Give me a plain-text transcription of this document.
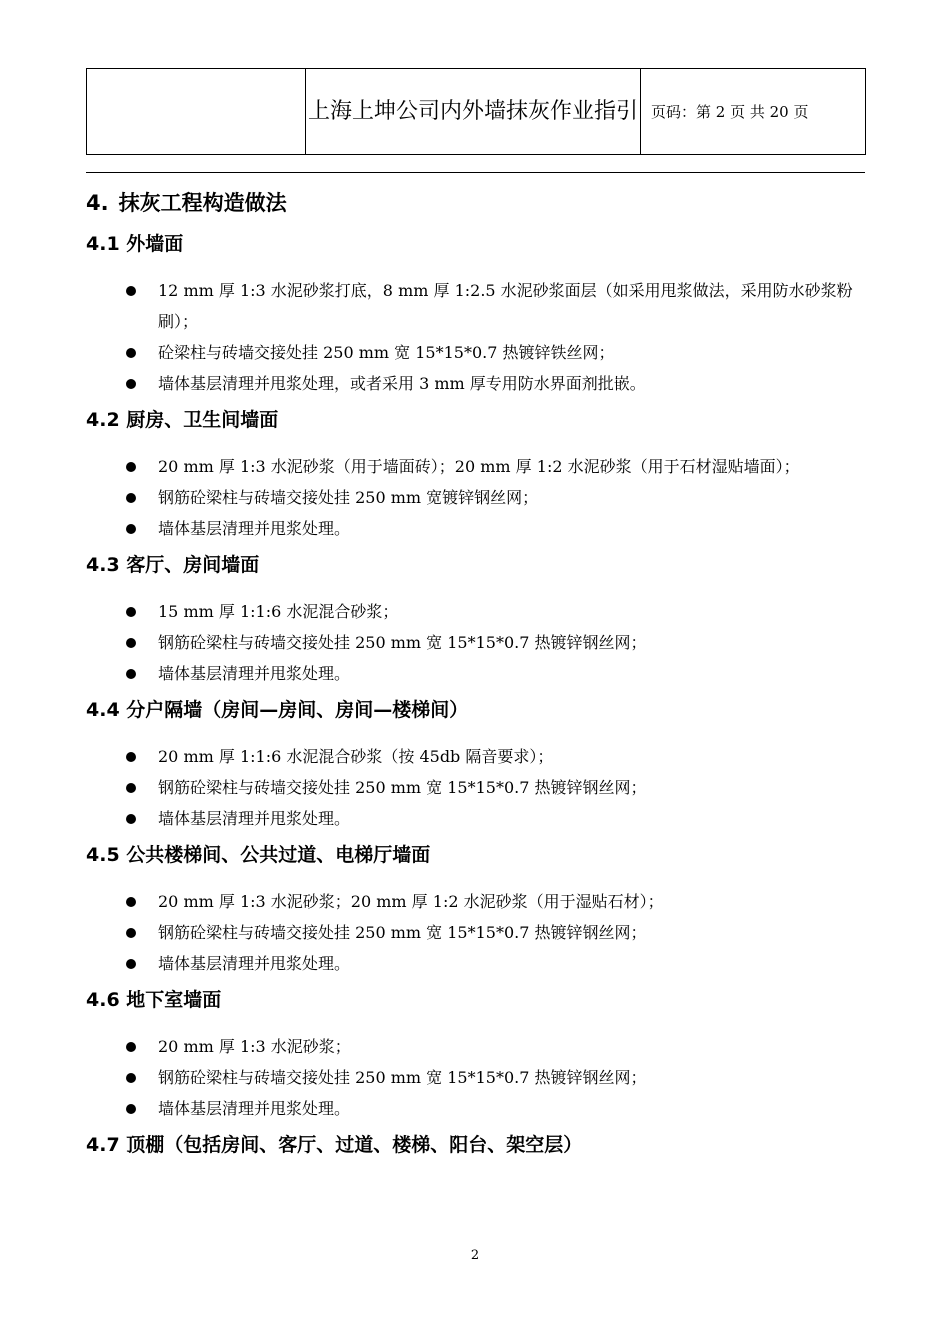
	上海上坤公司内外墙抹灰作业指引	页码：第 2 页 共 20 页
4. 抹灰工程构造做法
4.1 外墙面
12 mm 厚 1:3 水泥砂浆打底，8 mm 厚 1:2.5 水泥砂浆面层（如采用甩浆做法，采用防水砂浆粉刷）；
砼梁柱与砖墙交接处挂 250 mm 宽 15*15*0.7 热镀锌铁丝网；
墙体基层清理并甩浆处理，或者采用 3 mm 厚专用防水界面剂批嵌。
4.2 厨房、卫生间墙面
20 mm 厚 1:3 水泥砂浆（用于墙面砖）；20 mm 厚 1:2 水泥砂浆（用于石材湿贴墙面）；
钢筋砼梁柱与砖墙交接处挂 250 mm 宽镀锌钢丝网；
墙体基层清理并甩浆处理。
4.3 客厅、房间墙面
15 mm 厚 1:1:6 水泥混合砂浆；
钢筋砼梁柱与砖墙交接处挂 250 mm 宽 15*15*0.7 热镀锌钢丝网；
墙体基层清理并甩浆处理。
4.4 分户隔墙（房间—房间、房间—楼梯间）
20 mm 厚 1:1:6 水泥混合砂浆（按 45db 隔音要求）；
钢筋砼梁柱与砖墙交接处挂 250 mm 宽 15*15*0.7 热镀锌钢丝网；
墙体基层清理并甩浆处理。
4.5 公共楼梯间、公共过道、电梯厅墙面
20 mm 厚 1:3 水泥砂浆；20 mm 厚 1:2 水泥砂浆（用于湿贴石材）；
钢筋砼梁柱与砖墙交接处挂 250 mm 宽 15*15*0.7 热镀锌钢丝网；
墙体基层清理并甩浆处理。
4.6 地下室墙面
20 mm 厚 1:3 水泥砂浆；
钢筋砼梁柱与砖墙交接处挂 250 mm 宽 15*15*0.7 热镀锌钢丝网；
墙体基层清理并甩浆处理。
4.7 顶棚（包括房间、客厅、过道、楼梯、阳台、架空层）
2
